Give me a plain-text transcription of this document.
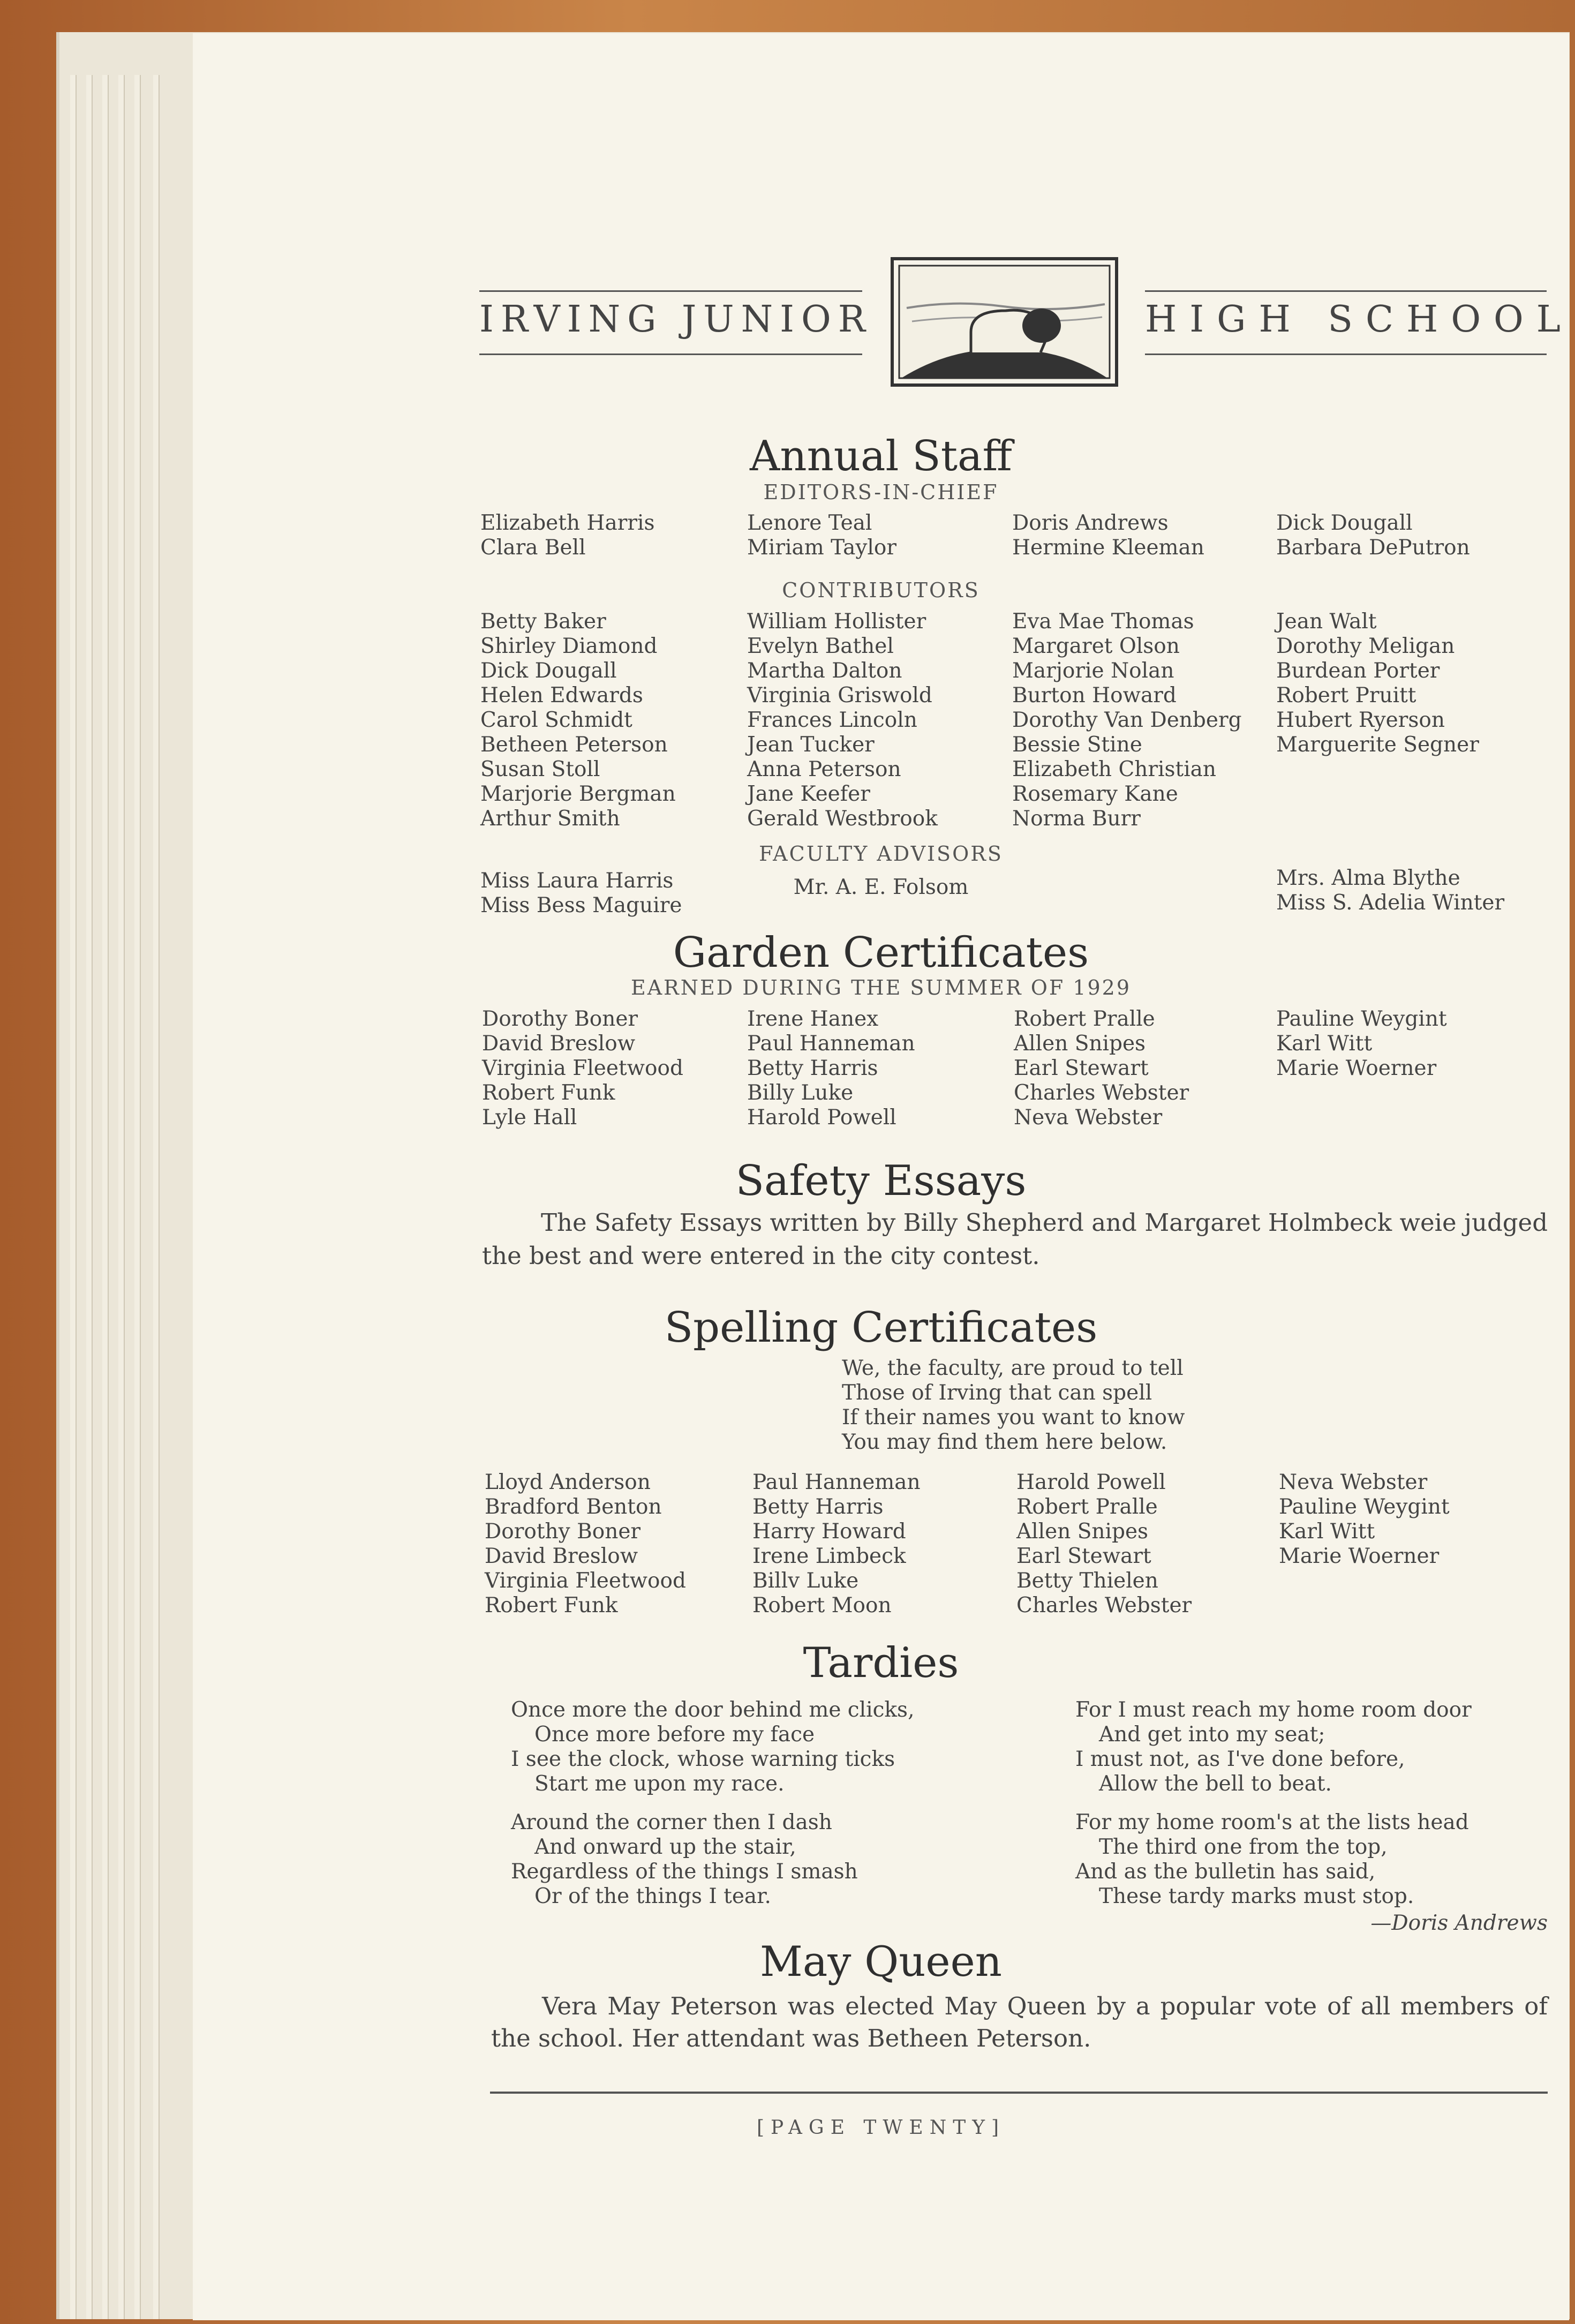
IRVING JUNIOR	HIGH SCHOOL
Annual Staff
EDITORS-IN-CHIEF
Elizabeth Harris
Clara Bell
Lenore Teal
Miriam Taylor
Doris Andrews
Hermine Kleeman
Dick Dougall
Barbara DePutron
CONTRIBUTORS
Betty Baker
Shirley Diamond
Dick Dougall
Helen Edwards
Carol Schmidt
Betheen Peterson
Susan Stoll
Marjorie Bergman
Arthur Smith
William Hollister
Evelyn Bathel
Martha Dalton
Virginia Griswold
Frances Lincoln
Jean Tucker
Anna Peterson
Jane Keefer
Gerald Westbrook
Eva Mae Thomas
Margaret Olson
Marjorie Nolan
Burton Howard
Dorothy Van Denberg
Bessie Stine
Elizabeth Christian
Rosemary Kane
Norma Burr
Jean Walt
Dorothy Meligan
Burdean Porter
Robert Pruitt
Hubert Ryerson
Marguerite Segner
FACULTY ADVISORS
Miss Laura Harris
Miss Bess Maguire
Mr. A. E. Folsom	Mrs. Alma Blythe
Miss S. Adelia Winter
Garden Certificates
EARNED DURING THE SUMMER OF 1929
Dorothy Boner
David Breslow
Virginia Fleetwood
Robert Funk
Lyle Hall
Irene Hanex
Paul Hanneman
Betty Harris
Billy Luke
Harold Powell
Robert Pralle
Allen Snipes
Earl Stewart
Charles Webster
Neva Webster
Pauline Weygint
Karl Witt
Marie Woerner
Safety Essays
The Safety Essays written by Billy Shepherd and Margaret Holmbeck weie judged the best and were entered in the city contest.
Spelling Certificates
We, the faculty, are proud to tell
Those of Irving that can spell
If their names you want to know
You may find them here below.
Lloyd Anderson
Bradford Benton
Dorothy Boner
David Breslow
Virginia Fleetwood
Robert Funk
Paul Hanneman
Betty Harris
Harry Howard
Irene Limbeck
Billv Luke
Robert Moon
Harold Powell
Robert Pralle
Allen Snipes
Earl Stewart
Betty Thielen
Charles Webster
Neva Webster
Pauline Weygint
Karl Witt
Marie Woerner
Tardies
Once more the door behind me clicks,
Once more before my face
I see the clock, whose warning ticks
Start me upon my race.
Around the corner then I dash
And onward up the stair,
Regardless of the things I smash
Or of the things I tear.
For I must reach my home room door
And get into my seat;
I must not, as I've done before,
Allow the bell to beat.
For my home room's at the lists head
The third one from the top,
And as the bulletin has said,
These tardy marks must stop.
—Doris Andrews
May Queen
Vera May Peterson was elected May Queen by a popular vote of all members of the school. Her attendant was Betheen Peterson.
[PAGE TWENTY]
